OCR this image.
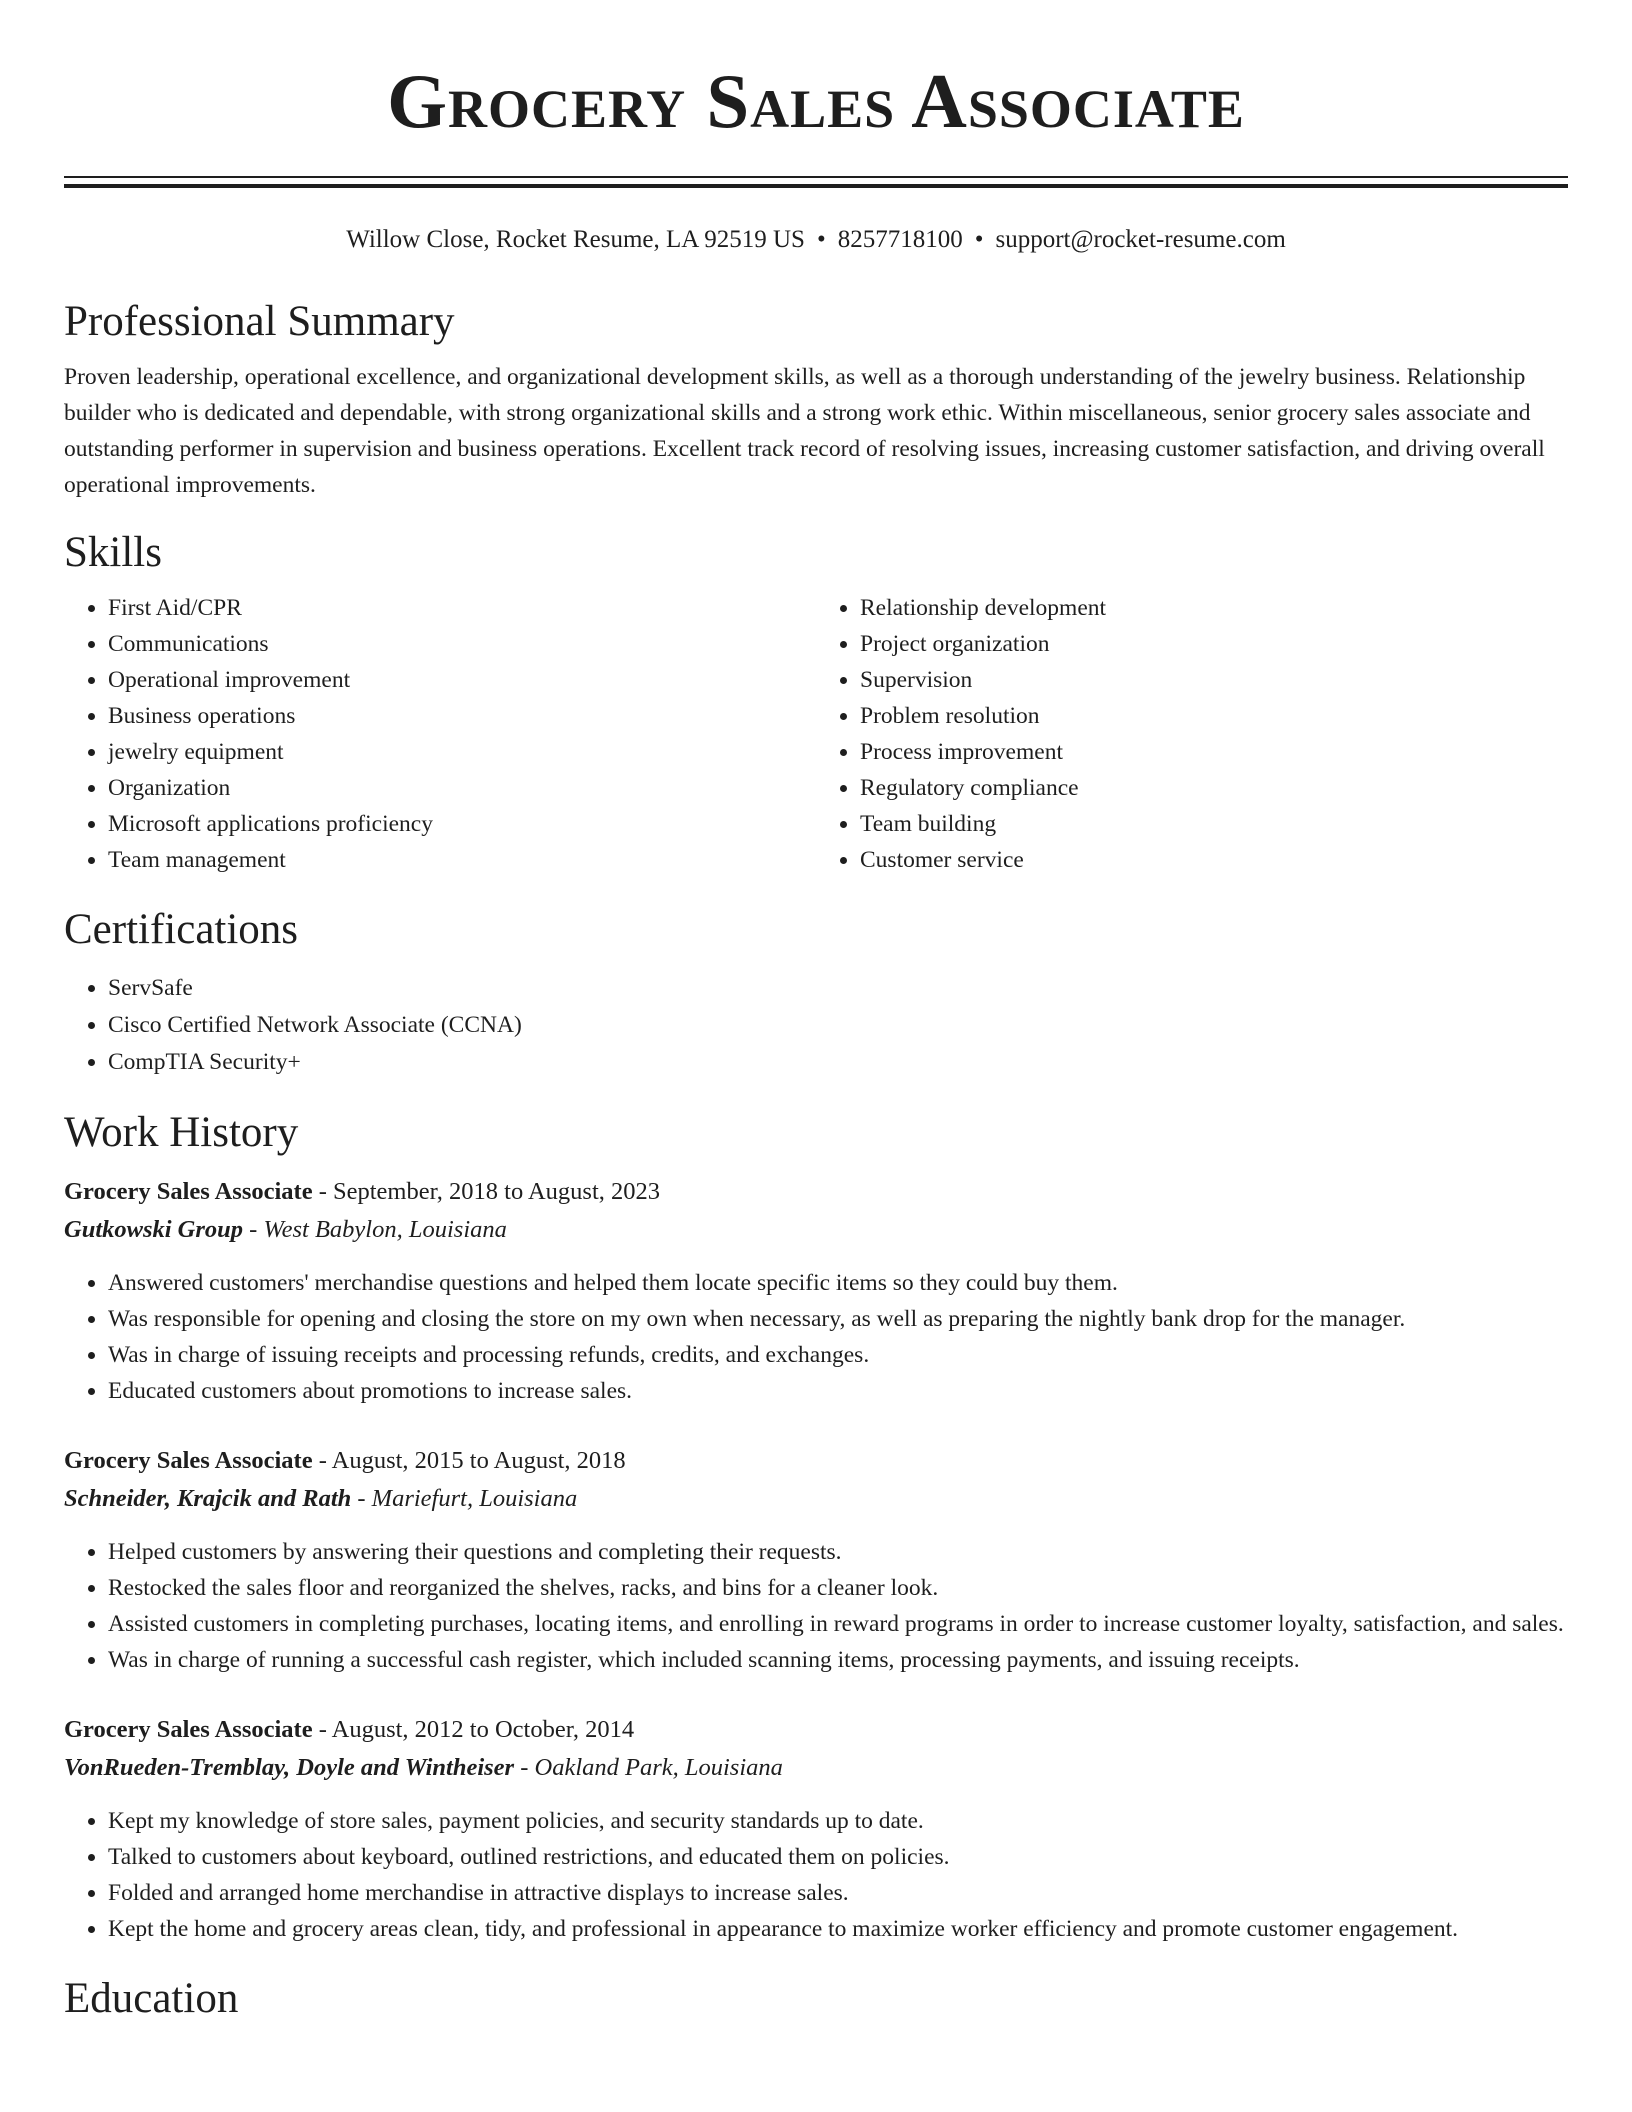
Grocery Sales Associate
Willow Close, Rocket Resume, LA 92519 US • 8257718100 • support@rocket-resume.com
Professional Summary
Proven leadership, operational excellence, and organizational development skills, as well as a thorough understanding of the jewelry business. Relationship builder who is dedicated and dependable, with strong organizational skills and a strong work ethic. Within miscellaneous, senior grocery sales associate and outstanding performer in supervision and business operations. Excellent track record of resolving issues, increasing customer satisfaction, and driving overall operational improvements.
Skills
• First Aid/CPR
• Communications
• Operational improvement
• Business operations
• jewelry equipment
• Organization
• Microsoft applications proficiency
• Team management
• Relationship development
• Project organization
• Supervision
• Problem resolution
• Process improvement
• Regulatory compliance
• Team building
• Customer service
Certifications
• ServSafe
• Cisco Certified Network Associate (CCNA)
• CompTIA Security+
Work History
Grocery Sales Associate - September, 2018 to August, 2023
Gutkowski Group - West Babylon, Louisiana
• Answered customers' merchandise questions and helped them locate specific items so they could buy them.
• Was responsible for opening and closing the store on my own when necessary, as well as preparing the nightly bank drop for the manager.
• Was in charge of issuing receipts and processing refunds, credits, and exchanges.
• Educated customers about promotions to increase sales.
Grocery Sales Associate - August, 2015 to August, 2018
Schneider, Krajcik and Rath - Mariefurt, Louisiana
• Helped customers by answering their questions and completing their requests.
• Restocked the sales floor and reorganized the shelves, racks, and bins for a cleaner look.
• Assisted customers in completing purchases, locating items, and enrolling in reward programs in order to increase customer loyalty, satisfaction, and sales.
• Was in charge of running a successful cash register, which included scanning items, processing payments, and issuing receipts.
Grocery Sales Associate - August, 2012 to October, 2014
VonRueden-Tremblay, Doyle and Wintheiser - Oakland Park, Louisiana
• Kept my knowledge of store sales, payment policies, and security standards up to date.
• Talked to customers about keyboard, outlined restrictions, and educated them on policies.
• Folded and arranged home merchandise in attractive displays to increase sales.
• Kept the home and grocery areas clean, tidy, and professional in appearance to maximize worker efficiency and promote customer engagement.
Education
